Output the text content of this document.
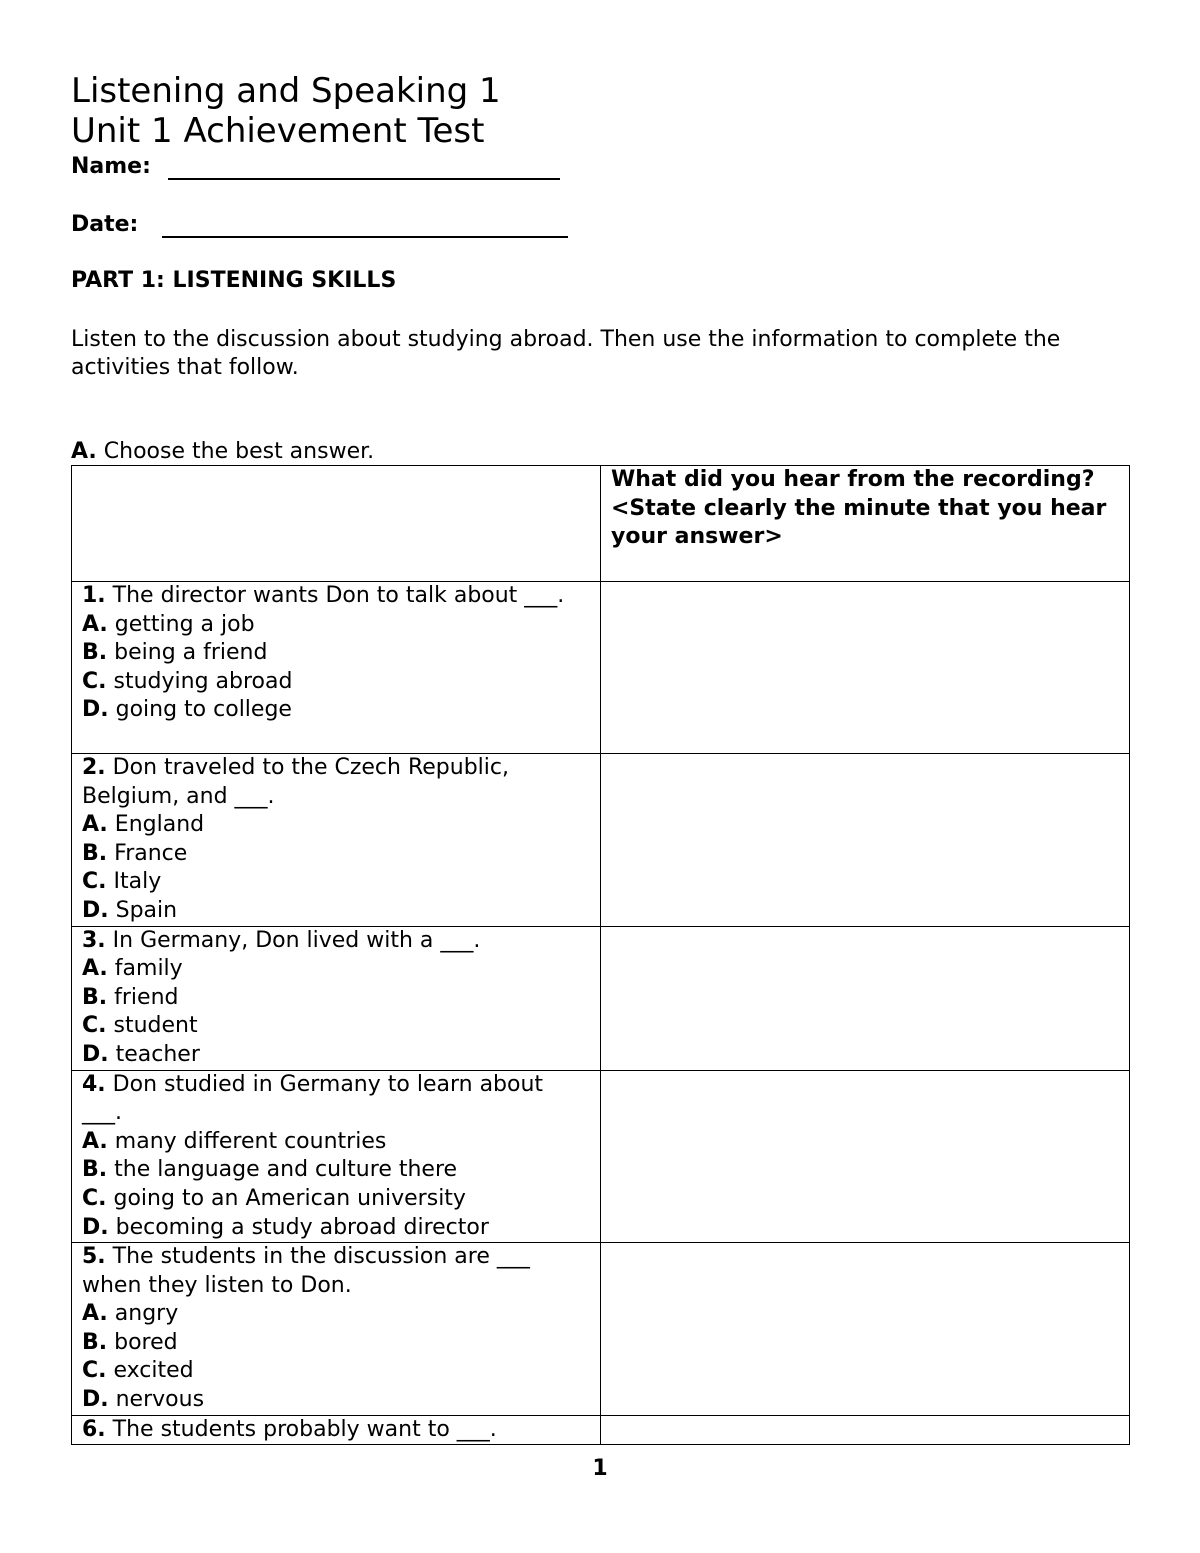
Listening and Speaking 1
Unit 1 Achievement Test
Name:
Date:
PART 1: LISTENING SKILLS
Listen to the discussion about studying abroad. Then use the information to complete the
activities that follow.
A. Choose the best answer.
	What did you hear from the recording?
<State clearly the minute that you hear your answer>

1. The director wants Don to talk about ___.
A. getting a job
B. being a friend
C. studying abroad
D. going to college	

2. Don traveled to the Czech Republic, Belgium, and ___.
A. England
B. France
C. Italy
D. Spain	

3. In Germany, Don lived with a ___.
A. family
B. friend
C. student
D. teacher	

4. Don studied in Germany to learn about ___.
A. many different countries
B. the language and culture there
C. going to an American university
D. becoming a study abroad director	

5. The students in the discussion are ___ when they listen to Don.
A. angry
B. bored
C. excited
D. nervous	

6. The students probably want to ___.	

1
